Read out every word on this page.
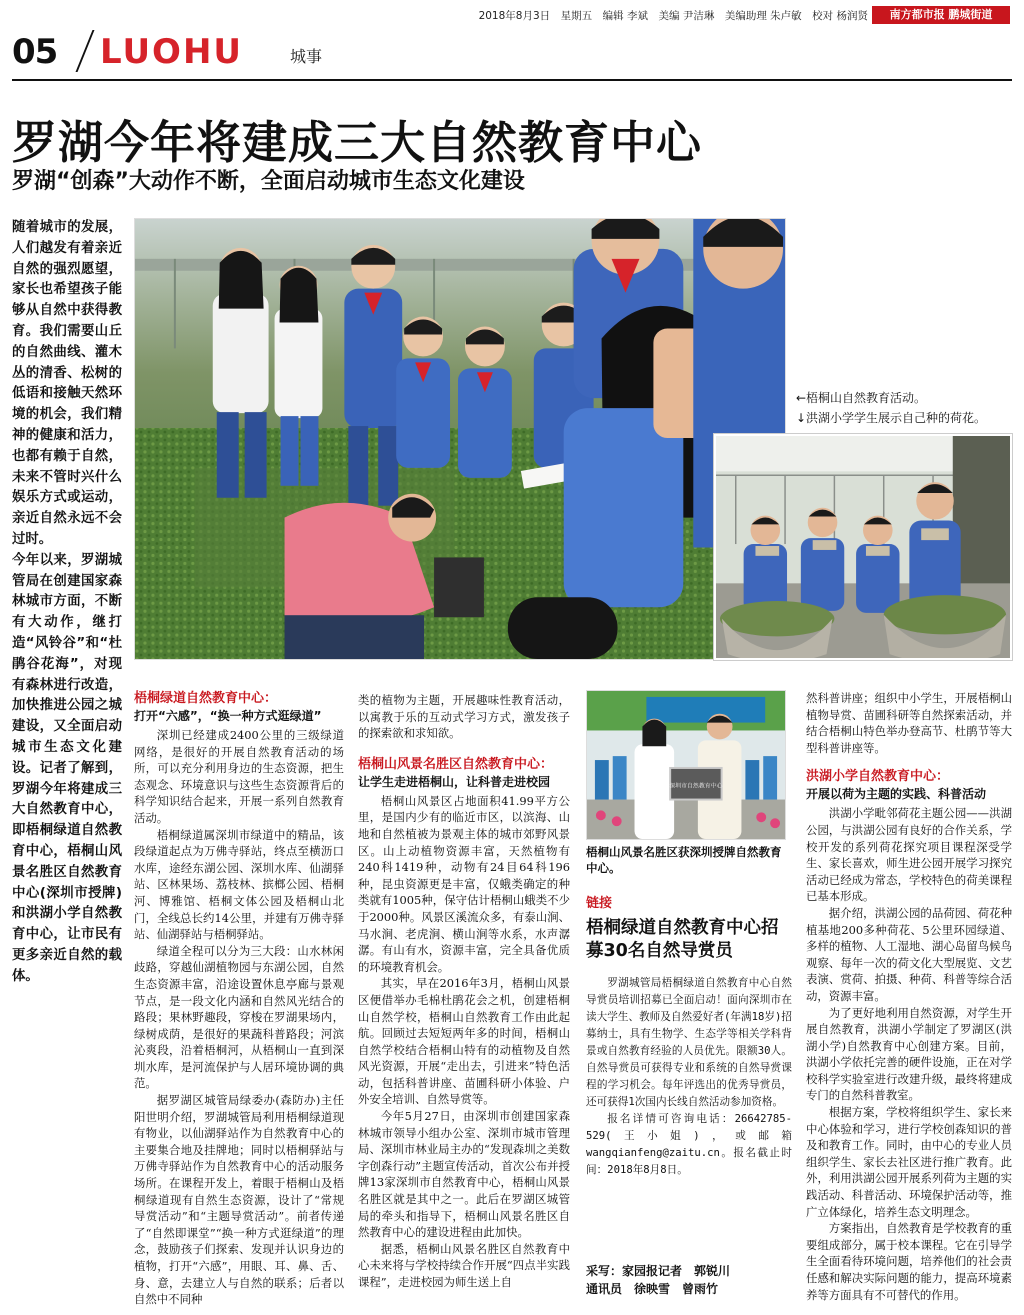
2018年8月3日　星期五　编辑 李斌　美编 尹洁琳　美编助理 朱卢敏　校对 杨润贤	南方都市报 鹏城街道
05 LUOHU	城事
罗湖今年将建成三大自然教育中心
罗湖“创森”大动作不断，全面启动城市生态文化建设

随着城市的发展，人们越发有着亲近自然的强烈愿望，家长也希望孩子能够从自然中获得教育。我们需要山丘的自然曲线、灌木丛的清香、松树的低语和接触天然环境的机会，我们精神的健康和活力，也都有赖于自然，未来不管时兴什么娱乐方式或运动，亲近自然永远不会过时。

今年以来，罗湖城管局在创建国家森林城市方面，不断有大动作，继打造“风铃谷”和“杜鹃谷花海”，对现有森林进行改造，加快推进公园之城建设，又全面启动城市生态文化建设。记者了解到，罗湖今年将建成三大自然教育中心，即梧桐绿道自然教育中心，梧桐山风景名胜区自然教育中心(深圳市授牌)和洪湖小学自然教育中心，让市民有更多亲近自然的载体。

←梧桐山自然教育活动。
↓洪湖小学学生展示自己种的荷花。
深圳市自然教育中心
梧桐山风景名胜区获深圳授牌自然教育中心。
梧桐绿道自然教育中心：
打开“六感”，“换一种方式逛绿道”

深圳已经建成2400公里的三级绿道网络，是很好的开展自然教育活动的场所，可以充分利用身边的生态资源，把生态观念、环境意识与这些生态资源背后的科学知识结合起来，开展一系列自然教育活动。

梧桐绿道属深圳市绿道中的精品，该段绿道起点为万佛寺驿站，终点至横沥口水库，途经东湖公园、深圳水库、仙湖驿站、区林果场、荔枝林、摈榔公园、梧桐河、博雅馆、梧桐文体公园及梧桐山北门，全线总长约14公里，并建有万佛寺驿站、仙湖驿站与梧桐驿站。

绿道全程可以分为三大段：山水林闲歧路，穿越仙湖植物园与东湖公园，自然生态资源丰富，沿途设置休息亭廊与景观节点，是一段文化内涵和自然风光结合的路段；果林野趣段，穿梭在罗湖果场内，绿树成荫，是很好的果蔬科普路段；河滨沁爽段，沿着梧桐河，从梧桐山一直到深圳水库，是河流保护与人居环境协调的典范。

据罗湖区城管局绿委办(森防办)主任阳世明介绍，罗湖城管局利用梧桐绿道现有物业，以仙湖驿站作为自然教育中心的主要集合地及挂牌地；同时以梧桐驿站与万佛寺驿站作为自然教育中心的活动服务场所。在课程开发上，着眼于梧桐山及梧桐绿道现有自然生态资源，设计了“常规导赏活动”和“主题导赏活动”。前者传递了“自然即课堂”“换一种方式逛绿道”的理念，鼓励孩子们探索、发现并认识身边的植物，打开“六感”，用眼、耳、鼻、舌、身、意，去建立人与自然的联系；后者以自然中不同种

类的植物为主题，开展趣味性教育活动，以寓教于乐的互动式学习方式，激发孩子的探索欲和求知欲。

梧桐山风景名胜区自然教育中心：
让学生走进梧桐山，让科普走进校园

梧桐山风景区占地面积41.99平方公里，是国内少有的临近市区，以滨海、山地和自然植被为景观主体的城市郊野风景区。山上动植物资源丰富，天然植物有240科1419种，动物有24目64科196种，昆虫资源更是丰富，仅蛾类确定的种类就有1005种，保守估计梧桐山蛾类不少于2000种。风景区溪流众多，有泰山涧、马水涧、老虎涧、横山涧等水系，水声潺潺。有山有水，资源丰富，完全具备优质的环境教育机会。

其实，早在2016年3月，梧桐山风景区便借举办毛棉杜鹃花会之机，创建梧桐山自然学校，梧桐山自然教育工作由此起航。回顾过去短短两年多的时间，梧桐山自然学校结合梧桐山特有的动植物及自然风光资源，开展“走出去，引进来”特色活动，包括科普讲座、苗圃科研小体验、户外安全培训、自然导赏等。

今年5月27日，由深圳市创建国家森林城市领导小组办公室、深圳市城市管理局、深圳市林业局主办的“发现森圳之美数字创森行动”主题宣传活动，首次公布并授牌13家深圳市自然教育中心，梧桐山风景名胜区就是其中之一。此后在罗湖区城管局的牵头和指导下，梧桐山风景名胜区自然教育中心的建设进程由此加快。

据悉，梧桐山风景名胜区自然教育中心未来将与学校持续合作开展“四点半实践课程”，走进校园为师生送上自

链接
梧桐绿道自然教育中心招募30名自然导赏员

罗湖城管局梧桐绿道自然教育中心自然导赏员培训招募已全面启动！面向深圳市在读大学生、教师及自然爱好者(年满18岁)招募纳士，具有生物学、生态学等相关学科背景或自然教育经验的人员优先。限额30人。自然导赏员可获得专业和系统的自然导赏课程的学习机会。每年评选出的优秀导赏员，还可获得1次国内长线自然活动参加资格。

报名详情可咨询电话：26642785-529(王小姐)，或邮箱wangqianfeng@zaitu.cn。报名截止时间：2018年8月8日。

采写：家园报记者　郭锐川
通讯员　徐映雪　曾雨竹

然科普讲座；组织中小学生，开展梧桐山植物导赏、苗圃科研等自然探索活动，并结合梧桐山特色举办登高节、杜鹃节等大型科普讲座等。

洪湖小学自然教育中心：
开展以荷为主题的实践、科普活动

洪湖小学毗邻荷花主题公园——洪湖公园，与洪湖公园有良好的合作关系，学校开发的系列荷花探究项目课程深受学生、家长喜欢，师生进公园开展学习探究活动已经成为常态，学校特色的荷美课程已基本形成。

据介绍，洪湖公园的品荷园、荷花种植基地200多种荷花、5公里环园绿道、多样的植物、人工湿地、湖心岛留鸟候鸟观察、每年一次的荷文化大型展览、文艺表演、赏荷、拍摄、种荷、科普等综合活动，资源丰富。

为了更好地利用自然资源，对学生开展自然教育，洪湖小学制定了罗湖区(洪湖小学)自然教育中心创建方案。目前，洪湖小学依托完善的硬件设施，正在对学校科学实验室进行改建升级，最终将建成专门的自然科普教室。

根据方案，学校将组织学生、家长来中心体验和学习，进行学校创森知识的普及和教育工作。同时，由中心的专业人员组织学生、家长去社区进行推广教育。此外，利用洪湖公园开展系列荷为主题的实践活动、科普活动、环境保护活动等，推广立体绿化，培养生态文明理念。

方案指出，自然教育是学校教育的重要组成部分，属于校本课程。它在引导学生全面看待环境问题，培养他们的社会责任感和解决实际问题的能力，提高环境素养等方面具有不可替代的作用。
